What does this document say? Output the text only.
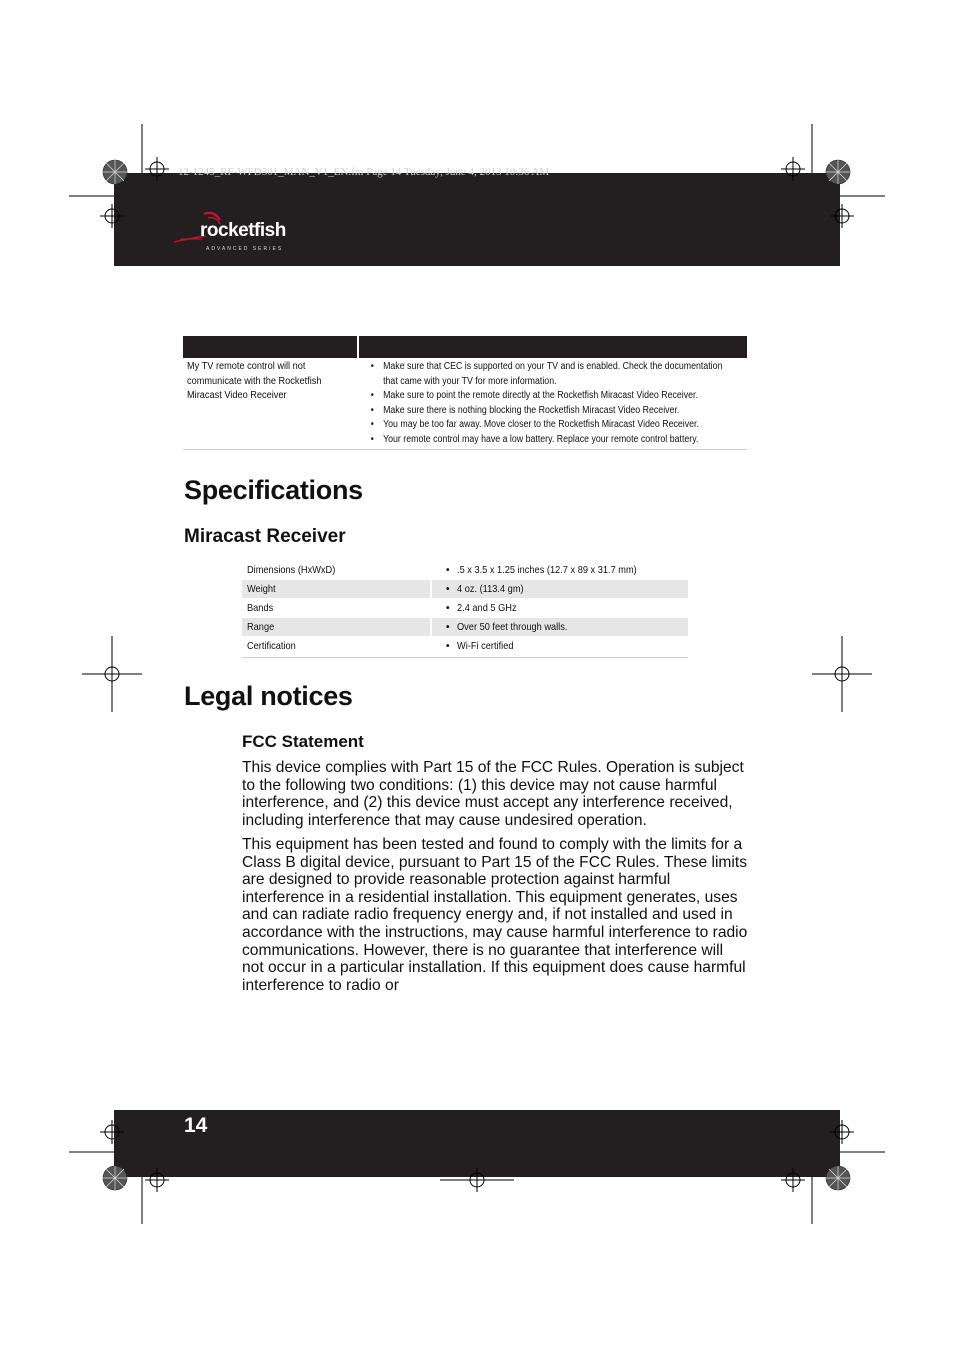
12-1245_RF-WFD301_MAN_V1_EN.fm Page 14 Tuesday, June 4, 2013 10:36 AM
rocketfish
ADVANCED SERIES
My TV remote control will not communicate with the Rocketfish Miracast Video Receiver
• Make sure that CEC is supported on your TV and is enabled. Check the documentation that came with your TV for more information.
• Make sure to point the remote directly at the Rocketfish Miracast Video Receiver.
• Make sure there is nothing blocking the Rocketfish Miracast Video Receiver.
• You may be too far away. Move closer to the Rocketfish Miracast Video Receiver.
• Your remote control may have a low battery. Replace your remote control battery.
Specifications
Miracast Receiver
Dimensions (HxWxD)	• .5 x 3.5 x 1.25 inches (12.7 x 89 x 31.7 mm)
Weight	• 4 oz. (113.4 gm)
Bands	• 2.4 and 5 GHz
Range	• Over 50 feet through walls.
Certification	• Wi-Fi certified
Legal notices
FCC Statement

This device complies with Part 15 of the FCC Rules. Operation is subject to the following two conditions: (1) this device may not cause harmful interference, and (2) this device must accept any interference received, including interference that may cause undesired operation.

This equipment has been tested and found to comply with the limits for a Class B digital device, pursuant to Part 15 of the FCC Rules. These limits are designed to provide reasonable protection against harmful interference in a residential installation. This equipment generates, uses and can radiate radio frequency energy and, if not installed and used in accordance with the instructions, may cause harmful interference to radio communications. However, there is no guarantee that interference will not occur in a particular installation. If this equipment does cause harmful interference to radio or

14
